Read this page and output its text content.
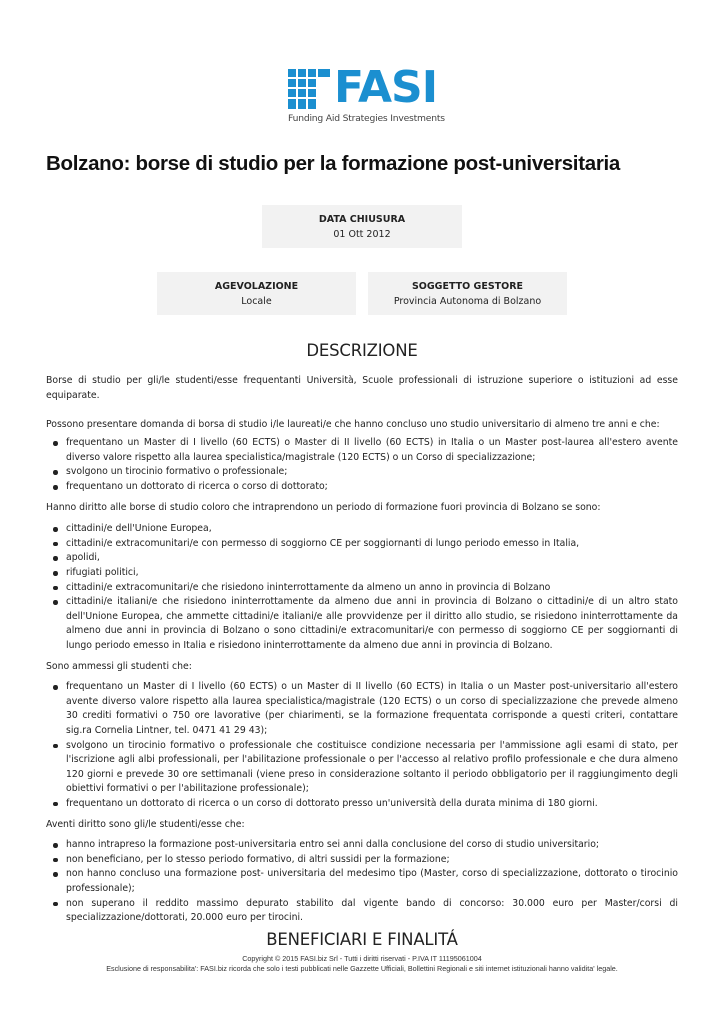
FASI
Funding Aid Strategies Investments
Bolzano: borse di studio per la formazione post-universitaria
DATA CHIUSURA
01 Ott 2012
AGEVOLAZIONE
Locale
SOGGETTO GESTORE
Provincia Autonoma di Bolzano
DESCRIZIONE

Borse di studio per gli/le studenti/esse frequentanti Università, Scuole professionali di istruzione superiore o istituzioni ad esse equiparate.

Possono presentare domanda di borsa di studio i/le laureati/e che hanno concluso uno studio universitario di almeno tre anni e che:

frequentano un Master di I livello (60 ECTS) o Master di II livello (60 ECTS) in Italia o un Master post-laurea all'estero avente diverso valore rispetto alla laurea specialistica/magistrale (120 ECTS) o un Corso di specializzazione;
svolgono un tirocinio formativo o professionale;
frequentano un dottorato di ricerca o corso di dottorato;

Hanno diritto alle borse di studio coloro che intraprendono un periodo di formazione fuori provincia di Bolzano se sono:

cittadini/e dell'Unione Europea,
cittadini/e extracomunitari/e con permesso di soggiorno CE per soggiornanti di lungo periodo emesso in Italia,
apolidi,
rifugiati politici,
cittadini/e extracomunitari/e che risiedono ininterrottamente da almeno un anno in provincia di Bolzano
cittadini/e italiani/e che risiedono ininterrottamente da almeno due anni in provincia di Bolzano o cittadini/e di un altro stato dell'Unione Europea, che ammette cittadini/e italiani/e alle provvidenze per il diritto allo studio, se risiedono ininterrottamente da almeno due anni in provincia di Bolzano o sono cittadini/e extracomunitari/e con permesso di soggiorno CE per soggiornanti di lungo periodo emesso in Italia e risiedono ininterrottamente da almeno due anni in provincia di Bolzano.

Sono ammessi gli studenti che:

frequentano un Master di I livello (60 ECTS) o un Master di II livello (60 ECTS) in Italia o un Master post-universitario all'estero avente diverso valore rispetto alla laurea specialistica/magistrale (120 ECTS) o un corso di specializzazione che prevede almeno 30 crediti formativi o 750 ore lavorative (per chiarimenti, se la formazione frequentata corrisponde a questi criteri, contattare sig.ra Cornelia Lintner, tel. 0471 41 29 43);
svolgono un tirocinio formativo o professionale che costituisce condizione necessaria per l'ammissione agli esami di stato, per l'iscrizione agli albi professionali, per l'abilitazione professionale o per l'accesso al relativo profilo professionale e che dura almeno 120 giorni e prevede 30 ore settimanali (viene preso in considerazione soltanto il periodo obbligatorio per il raggiungimento degli obiettivi formativi o per l'abilitazione professionale);
frequentano un dottorato di ricerca o un corso di dottorato presso un'università della durata minima di 180 giorni.

Aventi diritto sono gli/le studenti/esse che:

hanno intrapreso la formazione post-universitaria entro sei anni dalla conclusione del corso di studio universitario;
non beneficiano, per lo stesso periodo formativo, di altri sussidi per la formazione;
non hanno concluso una formazione post- universitaria del medesimo tipo (Master, corso di specializzazione, dottorato o tirocinio professionale);
non superano il reddito massimo depurato stabilito dal vigente bando di concorso: 30.000 euro per Master/corsi di specializzazione/dottorati, 20.000 euro per tirocini.
BENEFICIARI E FINALITÁ
Copyright © 2015 FASI.biz Srl - Tutti i diritti riservati - P.IVA IT 11195061004
Esclusione di responsabilita': FASI.biz ricorda che solo i testi pubblicati nelle Gazzette Ufficiali, Bollettini Regionali e siti internet istituzionali hanno validita' legale.
